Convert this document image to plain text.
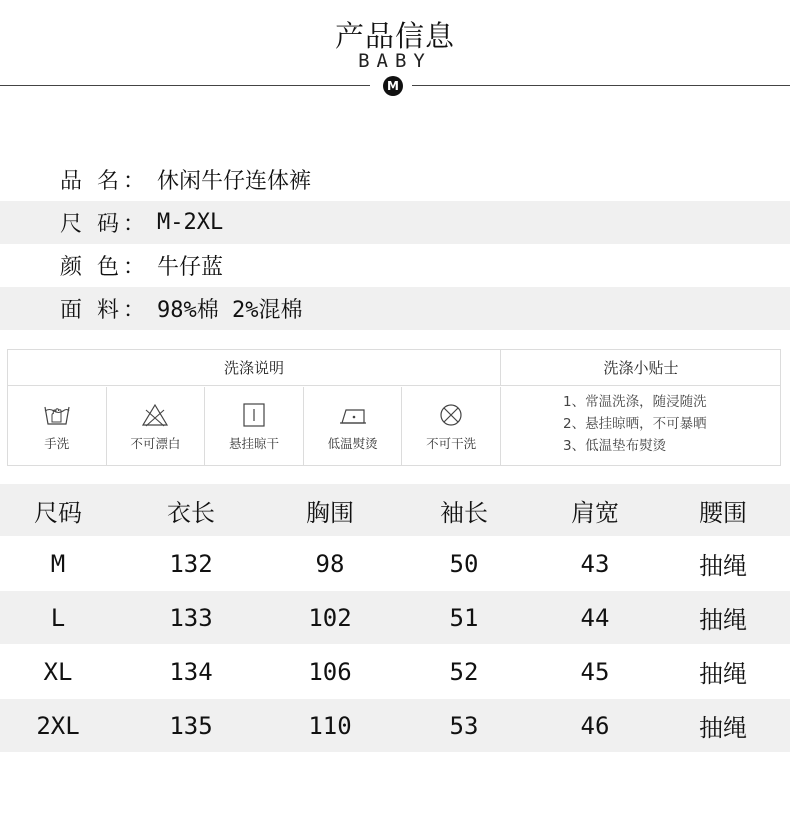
产品信息
BABY
M
品 名： 休闲牛仔连体裤
尺 码： M-2XL
颜 色： 牛仔蓝
面 料： 98%棉 2%混棉
洗涤说明	洗涤小贴士
手洗	不可漂白	悬挂晾干	低温熨烫	不可干洗
1、常温洗涤，随浸随洗
2、悬挂晾晒，不可暴晒
3、低温垫布熨烫
尺码	衣长	胸围	袖长	肩宽	腰围
M	132	98	50	43	抽绳
L	133	102	51	44	抽绳
XL	134	106	52	45	抽绳
2XL	135	110	53	46	抽绳
